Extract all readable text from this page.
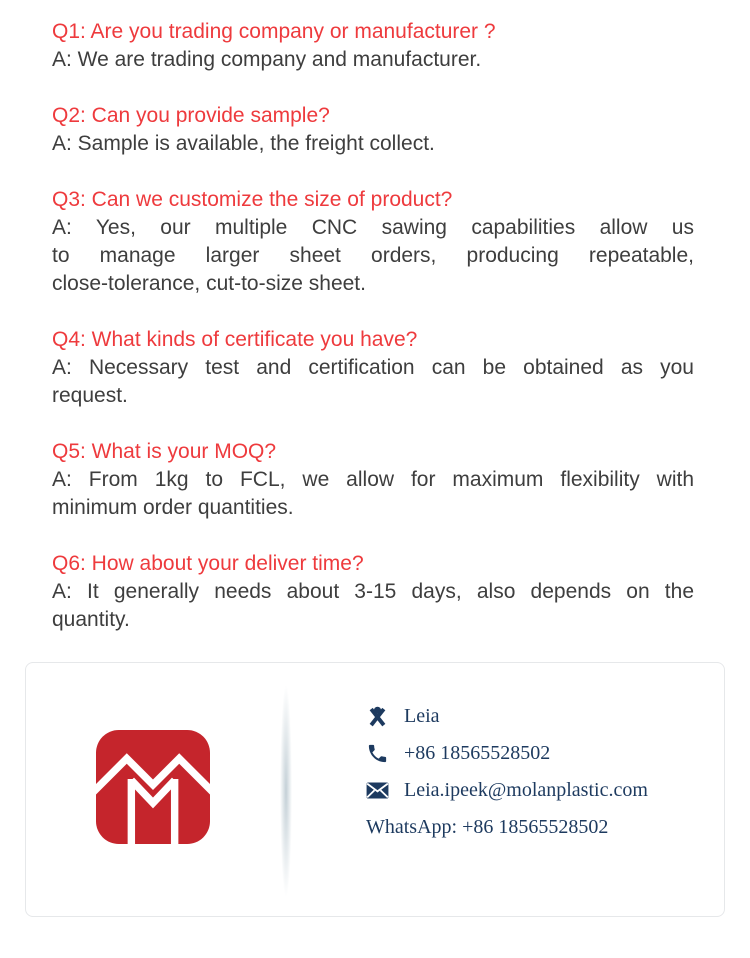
Q1: Are you trading company or manufacturer ?
A: We are trading company and manufacturer.
Q2: Can you provide sample?
A: Sample is available, the freight collect.
Q3: Can we customize the size of product?
A: Yes, our multiple CNC sawing capabilities allow us
to manage larger sheet orders, producing repeatable,
close-tolerance, cut-to-size sheet.
Q4: What kinds of certificate you have?
A: Necessary test and certification can be obtained as you
request.
Q5: What is your MOQ?
A: From 1kg to FCL, we allow for maximum flexibility with
minimum order quantities.
Q6: How about your deliver time?
A: It generally needs about 3-15 days, also depends on the
quantity.
Leia
+86 18565528502
Leia.ipeek@molanplastic.com
WhatsApp: +86 18565528502
